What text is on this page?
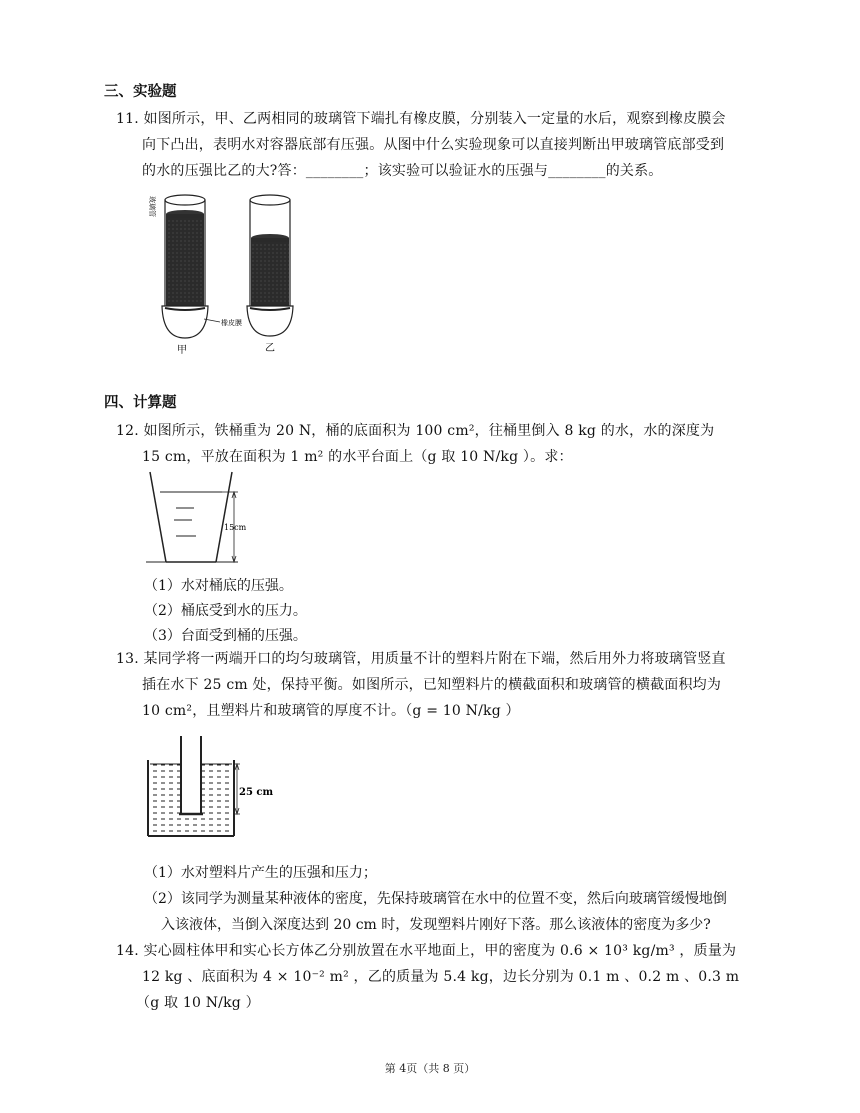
三、实验题
11. 如图所示，甲、乙两相同的玻璃管下端扎有橡皮膜，分别装入一定量的水后，观察到橡皮膜会
向下凸出，表明水对容器底部有压强。从图中什么实验现象可以直接判断出甲玻璃管底部受到
的水的压强比乙的大?答：________；该实验可以验证水的压强与________的关系。
玻璃管
橡皮膜
甲	乙
四、计算题
12. 如图所示，铁桶重为 20 N，桶的底面积为 100 cm²，往桶里倒入 8 kg 的水，水的深度为
15 cm，平放在面积为 1 m² 的水平台面上（g 取 10 N/kg ）。求：
15cm
（1）水对桶底的压强。
（2）桶底受到水的压力。
（3）台面受到桶的压强。
13. 某同学将一两端开口的均匀玻璃管，用质量不计的塑料片附在下端，然后用外力将玻璃管竖直
插在水下 25 cm 处，保持平衡。如图所示，已知塑料片的横截面积和玻璃管的横截面积均为
10 cm²，且塑料片和玻璃管的厚度不计。（g = 10 N/kg ）
25 cm
（1）水对塑料片产生的压强和压力；
（2）该同学为测量某种液体的密度，先保持玻璃管在水中的位置不变，然后向玻璃管缓慢地倒
入该液体，当倒入深度达到 20 cm 时，发现塑料片刚好下落。那么该液体的密度为多少?
14. 实心圆柱体甲和实心长方体乙分别放置在水平地面上，甲的密度为 0.6 × 10³ kg/m³ ，质量为
12 kg 、底面积为 4 × 10⁻² m² ，乙的质量为 5.4 kg，边长分别为 0.1 m 、0.2 m 、0.3 m
（g 取 10 N/kg ）
第 4页（共 8 页）
